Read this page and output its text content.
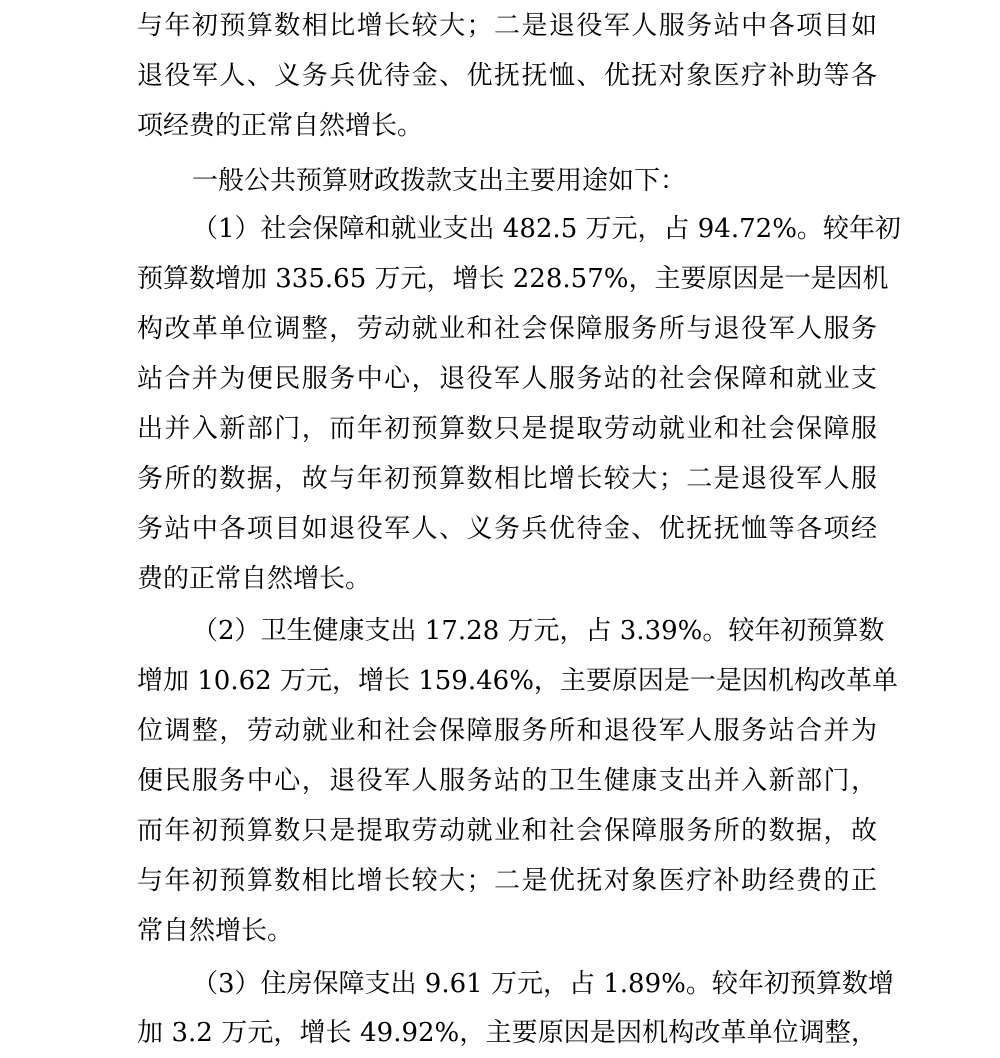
与年初预算数相比增长较大；二是退役军人服务站中各项目如
退役军人、义务兵优待金、优抚抚恤、优抚对象医疗补助等各
项经费的正常自然增长。
一般公共预算财政拨款支出主要用途如下：
（1）社会保障和就业支出 482.5 万元，占 94.72%。较年初
预算数增加 335.65 万元，增长 228.57%，主要原因是一是因机
构改革单位调整，劳动就业和社会保障服务所与退役军人服务
站合并为便民服务中心，退役军人服务站的社会保障和就业支
出并入新部门，而年初预算数只是提取劳动就业和社会保障服
务所的数据，故与年初预算数相比增长较大；二是退役军人服
务站中各项目如退役军人、义务兵优待金、优抚抚恤等各项经
费的正常自然增长。
（2）卫生健康支出 17.28 万元，占 3.39%。较年初预算数
增加 10.62 万元，增长 159.46%，主要原因是一是因机构改革单
位调整，劳动就业和社会保障服务所和退役军人服务站合并为
便民服务中心，退役军人服务站的卫生健康支出并入新部门，
而年初预算数只是提取劳动就业和社会保障服务所的数据，故
与年初预算数相比增长较大；二是优抚对象医疗补助经费的正
常自然增长。
（3）住房保障支出 9.61 万元，占 1.89%。较年初预算数增
加 3.2 万元，增长 49.92%，主要原因是因机构改革单位调整，
